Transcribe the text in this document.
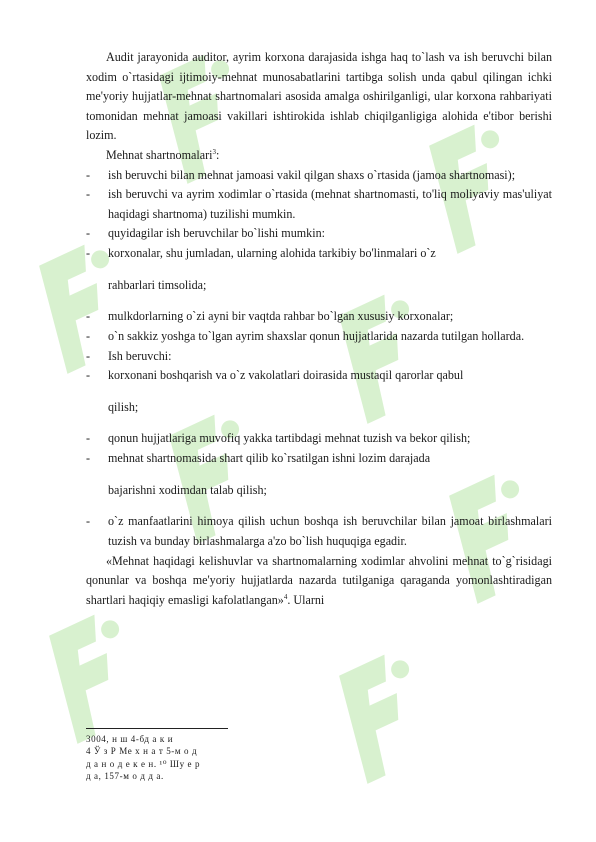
Audit jarayonida auditor, ayrim korxona darajasida ishga haq to`lash va ish beruvchi bilan xodim o`rtasidagi ijtimoiy-mehnat munosabatlarini tartibga solish unda qabul qilingan ichki me'yoriy hujjatlar-mehnat shartnomalari asosida amalga oshirilganligi, ular korxona rahbariyati tomonidan mehnat jamoasi vakillari ishtirokida ishlab chiqilganligiga alohida e'tibor berishi lozim.

Mehnat shartnomalari$^3$:

-	ish beruvchi bilan mehnat jamoasi vakil qilgan shaxs o`rtasida (jamoa shartnomasi);

-	ish beruvchi va ayrim xodimlar o`rtasida (mehnat shartnomasti, to'liq moliyaviy mas'uliyat haqidagi shartnoma) tuzilishi mumkin.

-	quyidagilar ish beruvchilar bo`lishi mumkin:

-	korxonalar, shu jumladan, ularning alohida tarkibiy bo'linmalari o`z

rahbarlari timsolida;

-	mulkdorlarning o`zi ayni bir vaqtda rahbar bo`lgan xususiy korxonalar;

-	o`n sakkiz yoshga to`lgan ayrim shaxslar qonun hujjatlarida nazarda tutilgan hollarda.

-	Ish beruvchi:

-	korxonani boshqarish va o`z vakolatlari doirasida mustaqil qarorlar qabul

qilish;

-	qonun hujjatlariga muvofiq yakka tartibdagi mehnat tuzish va bekor qilish;

-	mehnat shartnomasida shart qilib ko`rsatilgan ishni lozim darajada

bajarishni xodimdan talab qilish;

-	o`z manfaatlarini himoya qilish uchun boshqa ish beruvchilar bilan jamoat birlashmalari tuzish va bunday birlashmalarga a'zo bo`lish huquqiga egadir.

«Mehnat haqidagi kelishuvlar va shartnomalarning xodimlar ahvolini mehnat to`g`risidagi qonunlar va boshqa me'yoriy hujjatlarda nazarda tutilganiga qaraganda yomonlashtiradigan shartlari haqiqiy emasligi kafolatlangan»$^4$. Ularni

3004, н ш 4-бд а к и
4 Ў з Р Ме х н а т 5-м о д
д а н о д е к е н. ¹⁰ Шу е р
д а, 157-м о д д а.
